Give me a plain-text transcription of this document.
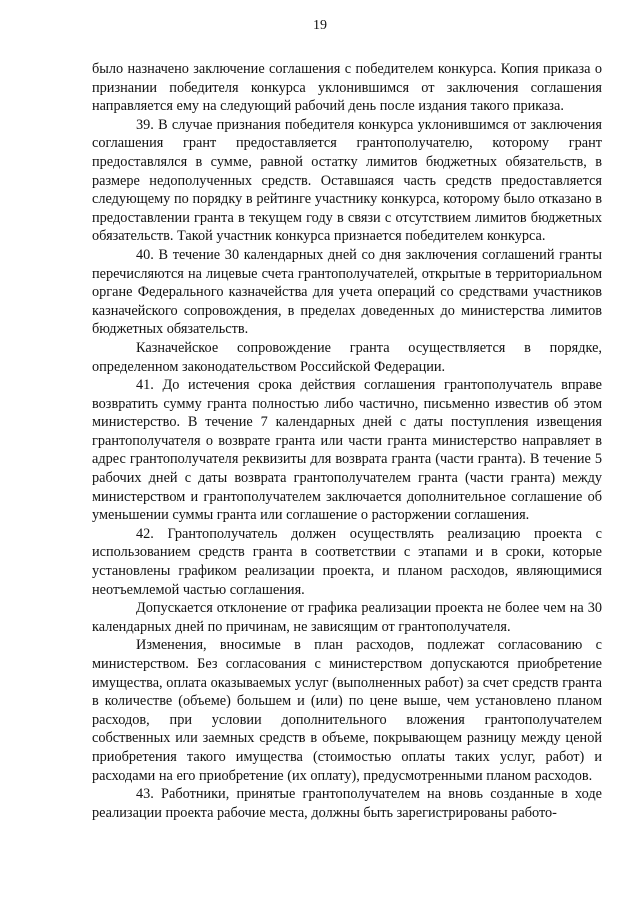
19

было назначено заключение соглашения с победителем конкурса. Копия приказа о признании победителя конкурса уклонившимся от заключения соглашения направляется ему на следующий рабочий день после издания такого приказа.

39. В случае признания победителя конкурса уклонившимся от заключения соглашения грант предоставляется грантополучателю, которому грант предоставлялся в сумме, равной остатку лимитов бюджетных обязательств, в размере недополученных средств. Оставшаяся часть средств предоставляется следующему по порядку в рейтинге участнику конкурса, которому было отказано в предоставлении гранта в текущем году в связи с отсутствием лимитов бюджетных обязательств. Такой участник конкурса признается победителем конкурса.

40. В течение 30 календарных дней со дня заключения соглашений гранты перечисляются на лицевые счета грантополучателей, открытые в территориальном органе Федерального казначейства для учета операций со средствами участников казначейского сопровождения, в пределах доведенных до министерства лимитов бюджетных обязательств.

Казначейское сопровождение гранта осуществляется в порядке, определенном законодательством Российской Федерации.

41. До истечения срока действия соглашения грантополучатель вправе возвратить сумму гранта полностью либо частично, письменно известив об этом министерство. В течение 7 календарных дней с даты поступления извещения грантополучателя о возврате гранта или части гранта министерство направляет в адрес грантополучателя реквизиты для возврата гранта (части гранта). В течение 5 рабочих дней с даты возврата грантополучателем гранта (части гранта) между министерством и грантополучателем заключается дополнительное соглашение об уменьшении суммы гранта или соглашение о расторжении соглашения.

42. Грантополучатель должен осуществлять реализацию проекта с использованием средств гранта в соответствии с этапами и в сроки, которые установлены графиком реализации проекта, и планом расходов, являющимися неотъемлемой частью соглашения.

Допускается отклонение от графика реализации проекта не более чем на 30 календарных дней по причинам, не зависящим от грантополучателя.

Изменения, вносимые в план расходов, подлежат согласованию с министерством. Без согласования с министерством допускаются приобретение имущества, оплата оказываемых услуг (выполненных работ) за счет средств гранта в количестве (объеме) большем и (или) по цене выше, чем установлено планом расходов, при условии дополнительного вложения грантополучателем собственных или заемных средств в объеме, покрывающем разницу между ценой приобретения такого имущества (стоимостью оплаты таких услуг, работ) и расходами на его приобретение (их оплату), предусмотренными планом расходов.

43. Работники, принятые грантополучателем на вновь созданные в ходе реализации проекта рабочие места, должны быть зарегистрированы работо-
